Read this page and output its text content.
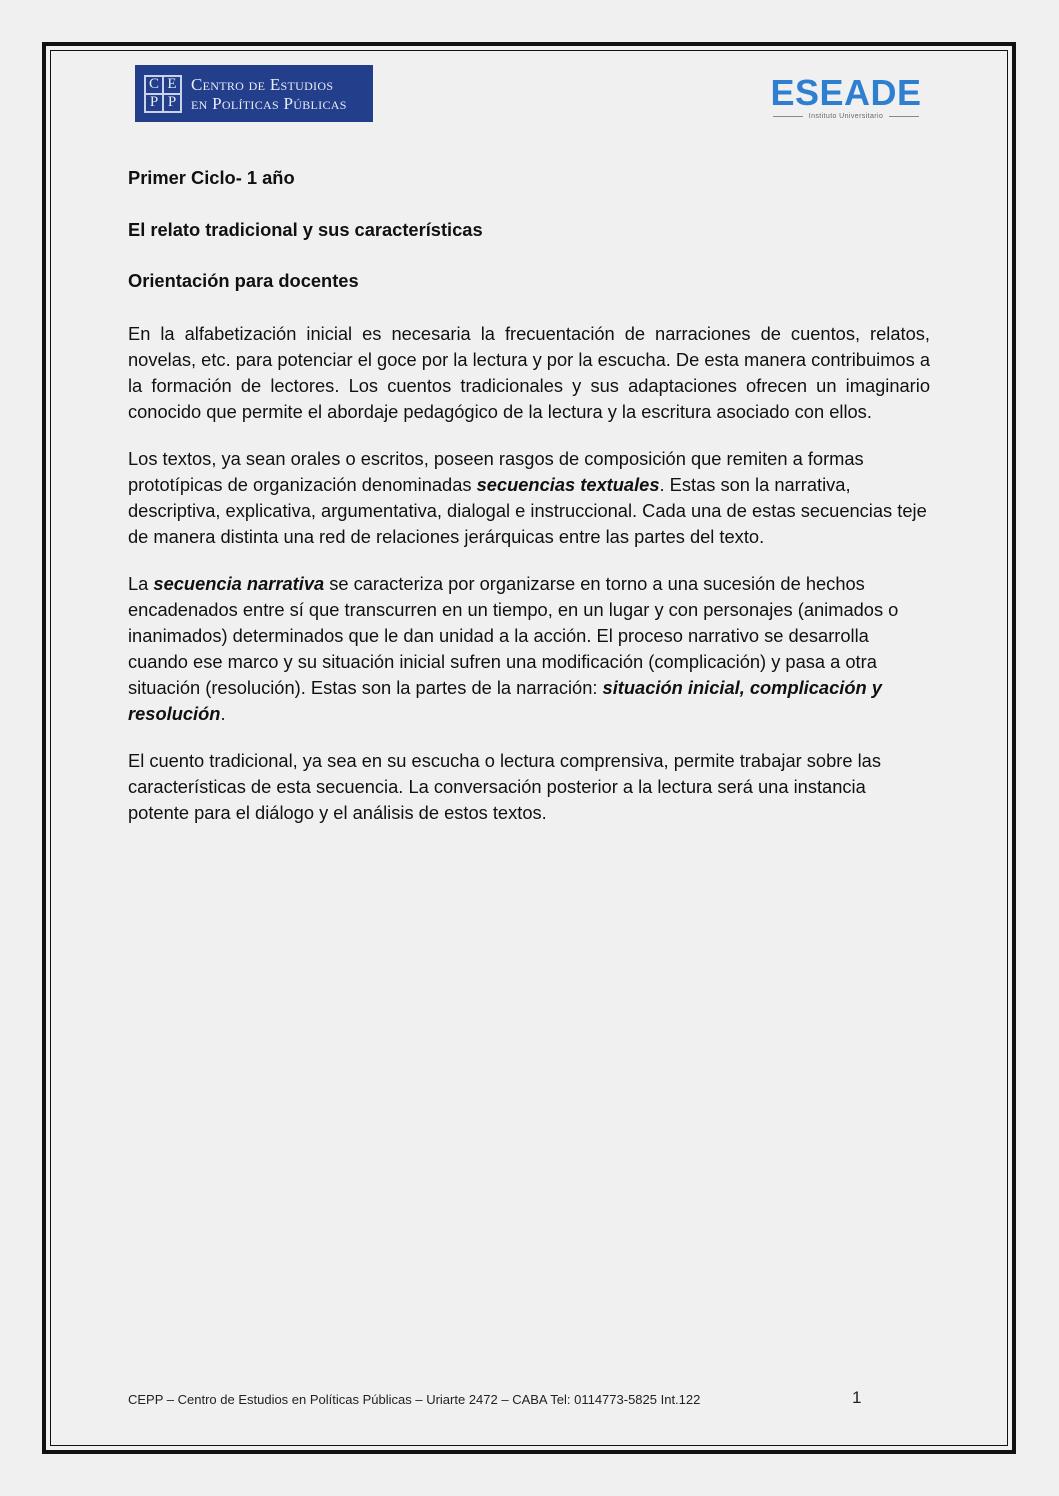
C E
P P
Centro de Estudios
en Políticas Públicas	ESEADE
Instituto Universitario

Primer Ciclo- 1 año

El relato tradicional y sus características

Orientación para docentes

En la alfabetización inicial es necesaria la frecuentación de narraciones de cuentos, relatos, novelas, etc. para potenciar el goce por la lectura y por la escucha. De esta manera contribuimos a la formación de lectores. Los cuentos tradicionales y sus adaptaciones ofrecen un imaginario conocido que permite el abordaje pedagógico de la lectura y la escritura asociado con ellos.

Los textos, ya sean orales o escritos, poseen rasgos de composición que remiten a formas prototípicas de organización denominadas secuencias textuales. Estas son la narrativa, descriptiva, explicativa, argumentativa, dialogal e instruccional. Cada una de estas secuencias teje de manera distinta una red de relaciones jerárquicas entre las partes del texto.

La secuencia narrativa se caracteriza por organizarse en torno a una sucesión de hechos encadenados entre sí que transcurren en un tiempo, en un lugar y con personajes (animados o inanimados) determinados que le dan unidad a la acción. El proceso narrativo se desarrolla cuando ese marco y su situación inicial sufren una modificación (complicación) y pasa a otra situación (resolución). Estas son la partes de la narración: situación inicial, complicación y resolución.

El cuento tradicional, ya sea en su escucha o lectura comprensiva, permite trabajar sobre las características de esta secuencia. La conversación posterior a la lectura será una instancia potente para el diálogo y el análisis de estos textos.

CEPP – Centro de Estudios en Políticas Públicas – Uriarte 2472 – CABA Tel: 0114773-5825 Int.122	1
